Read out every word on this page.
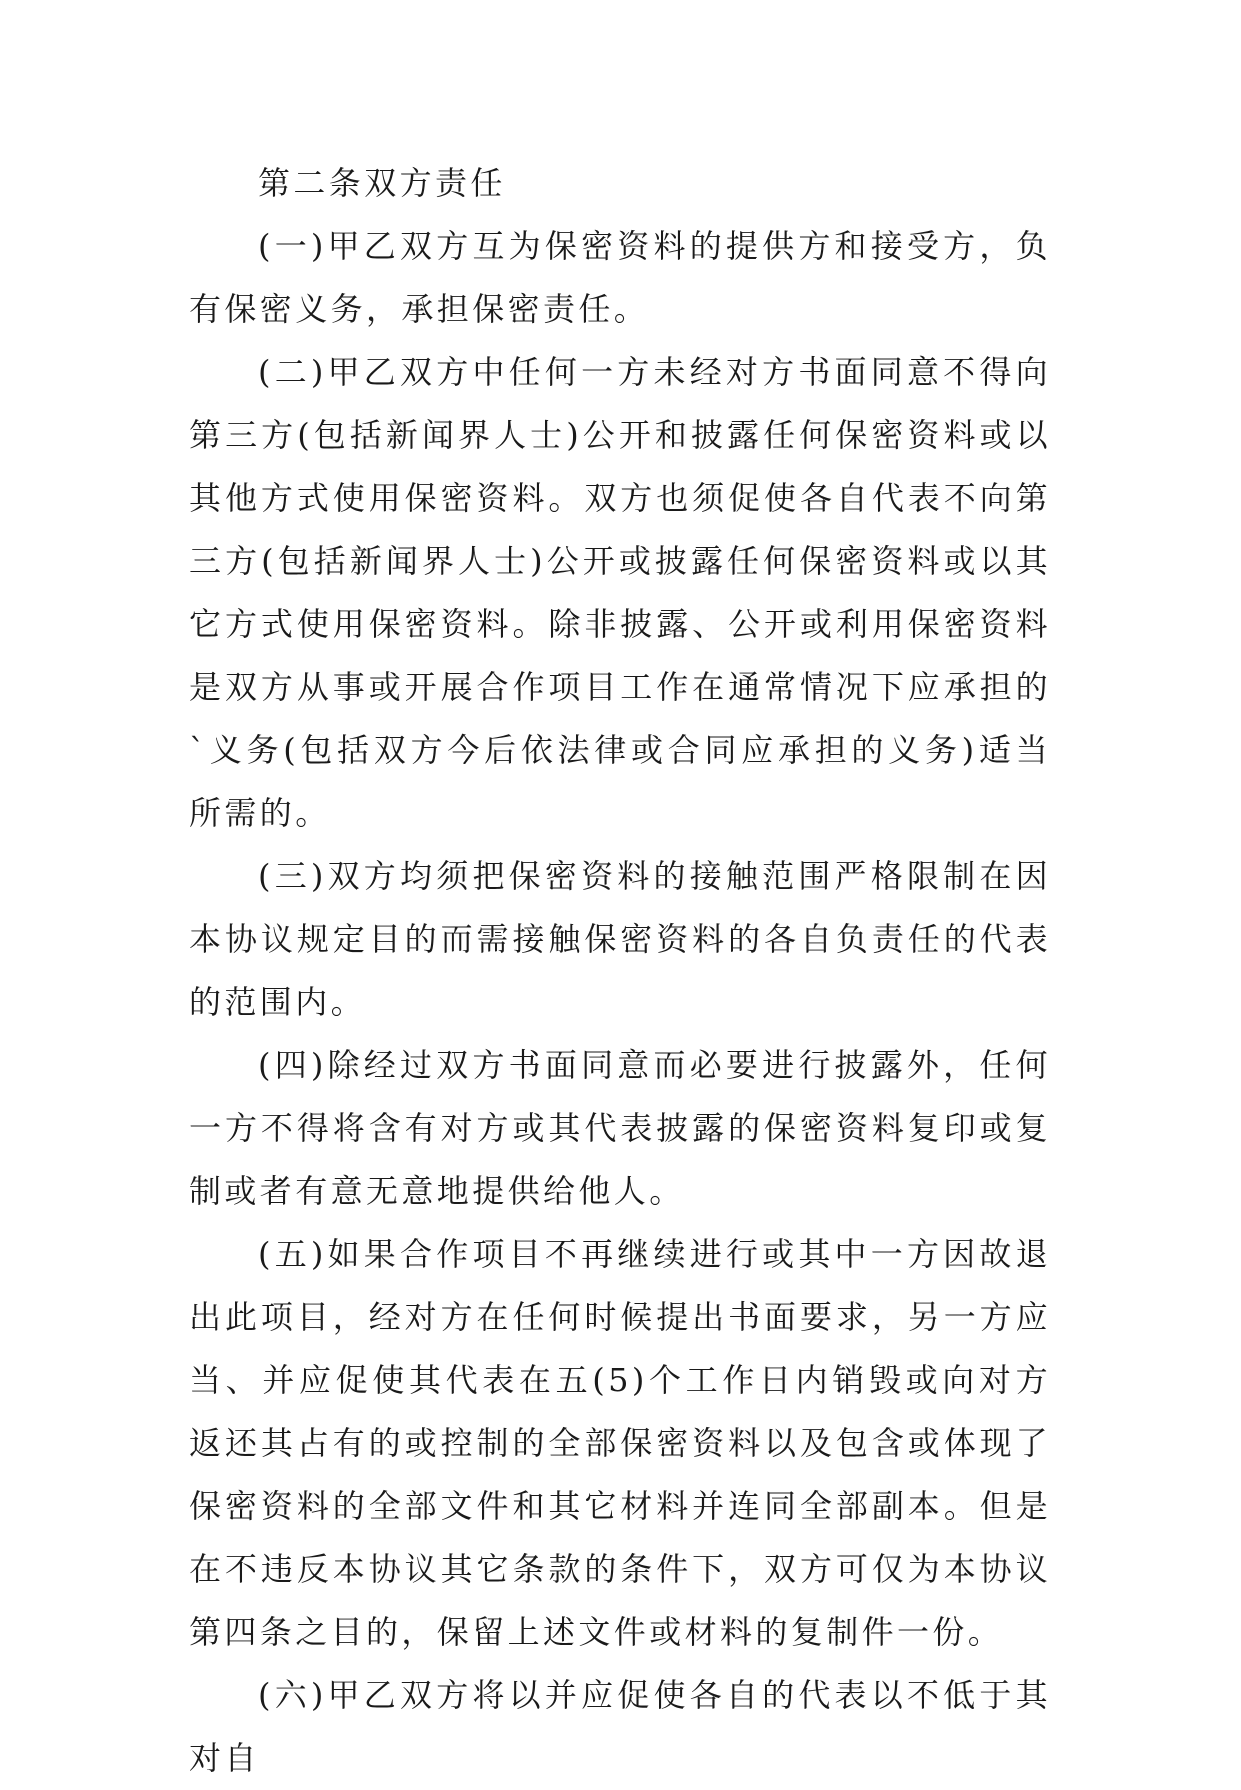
第二条双方责任

(一)甲乙双方互为保密资料的提供方和接受方，负有保密义务，承担保密责任。

(二)甲乙双方中任何一方未经对方书面同意不得向第三方(包括新闻界人士)公开和披露任何保密资料或以其他方式使用保密资料。双方也须促使各自代表不向第三方(包括新闻界人士)公开或披露任何保密资料或以其它方式使用保密资料。除非披露、公开或利用保密资料是双方从事或开展合作项目工作在通常情况下应承担的`义务(包括双方今后依法律或合同应承担的义务)适当所需的。

(三)双方均须把保密资料的接触范围严格限制在因本协议规定目的而需接触保密资料的各自负责任的代表的范围内。

(四)除经过双方书面同意而必要进行披露外，任何一方不得将含有对方或其代表披露的保密资料复印或复制或者有意无意地提供给他人。

(五)如果合作项目不再继续进行或其中一方因故退出此项目，经对方在任何时候提出书面要求，另一方应当、并应促使其代表在五(5)个工作日内销毁或向对方返还其占有的或控制的全部保密资料以及包含或体现了保密资料的全部文件和其它材料并连同全部副本。但是在不违反本协议其它条款的条件下，双方可仅为本协议第四条之目的，保留上述文件或材料的复制件一份。

(六)甲乙双方将以并应促使各自的代表以不低于其对自
